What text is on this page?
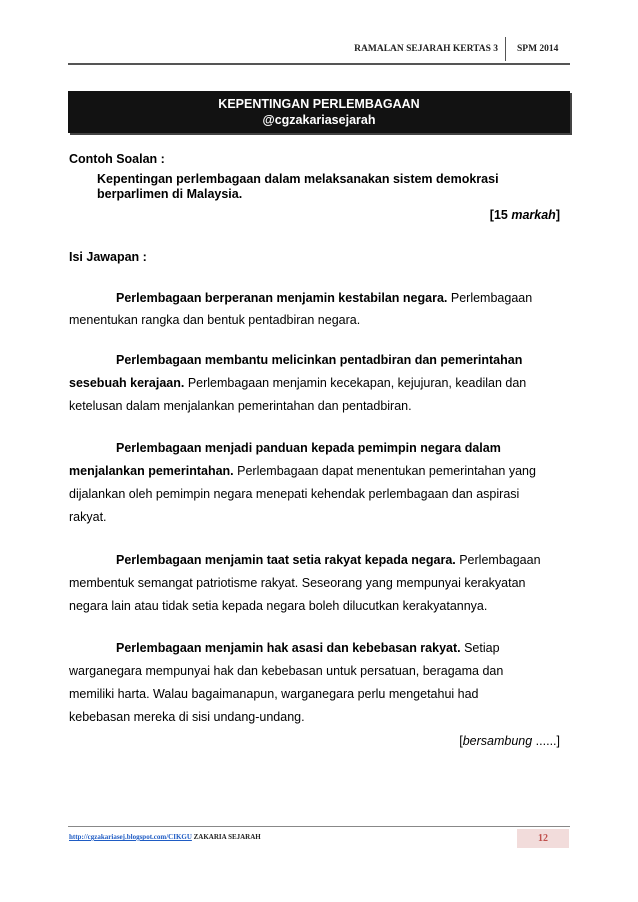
RAMALAN SEJARAH KERTAS 3 SPM 2014
KEPENTINGAN PERLEMBAGAAN
@cgzakariasejarah
Contoh Soalan :
Kepentingan perlembagaan dalam melaksanakan sistem demokrasi
berparlimen di Malaysia.
[15 markah]
Isi Jawapan :
Perlembagaan berperanan menjamin kestabilan negara. Perlembagaan
menentukan rangka dan bentuk pentadbiran negara.
Perlembagaan membantu melicinkan pentadbiran dan pemerintahan
sesebuah kerajaan. Perlembagaan menjamin kecekapan, kejujuran, keadilan dan
ketelusan dalam menjalankan pemerintahan dan pentadbiran.
Perlembagaan menjadi panduan kepada pemimpin negara dalam
menjalankan pemerintahan. Perlembagaan dapat menentukan pemerintahan yang
dijalankan oleh pemimpin negara menepati kehendak perlembagaan dan aspirasi
rakyat.
Perlembagaan menjamin taat setia rakyat kepada negara. Perlembagaan
membentuk semangat patriotisme rakyat. Seseorang yang mempunyai kerakyatan
negara lain atau tidak setia kepada negara boleh dilucutkan kerakyatannya.
Perlembagaan menjamin hak asasi dan kebebasan rakyat. Setiap
warganegara mempunyai hak dan kebebasan untuk persatuan, beragama dan
memiliki harta. Walau bagaimanapun, warganegara perlu mengetahui had
kebebasan mereka di sisi undang-undang.
[bersambung ......]
http://cgzakariasej.blogspot.com/CIKGU ZAKARIA SEJARAH	12
